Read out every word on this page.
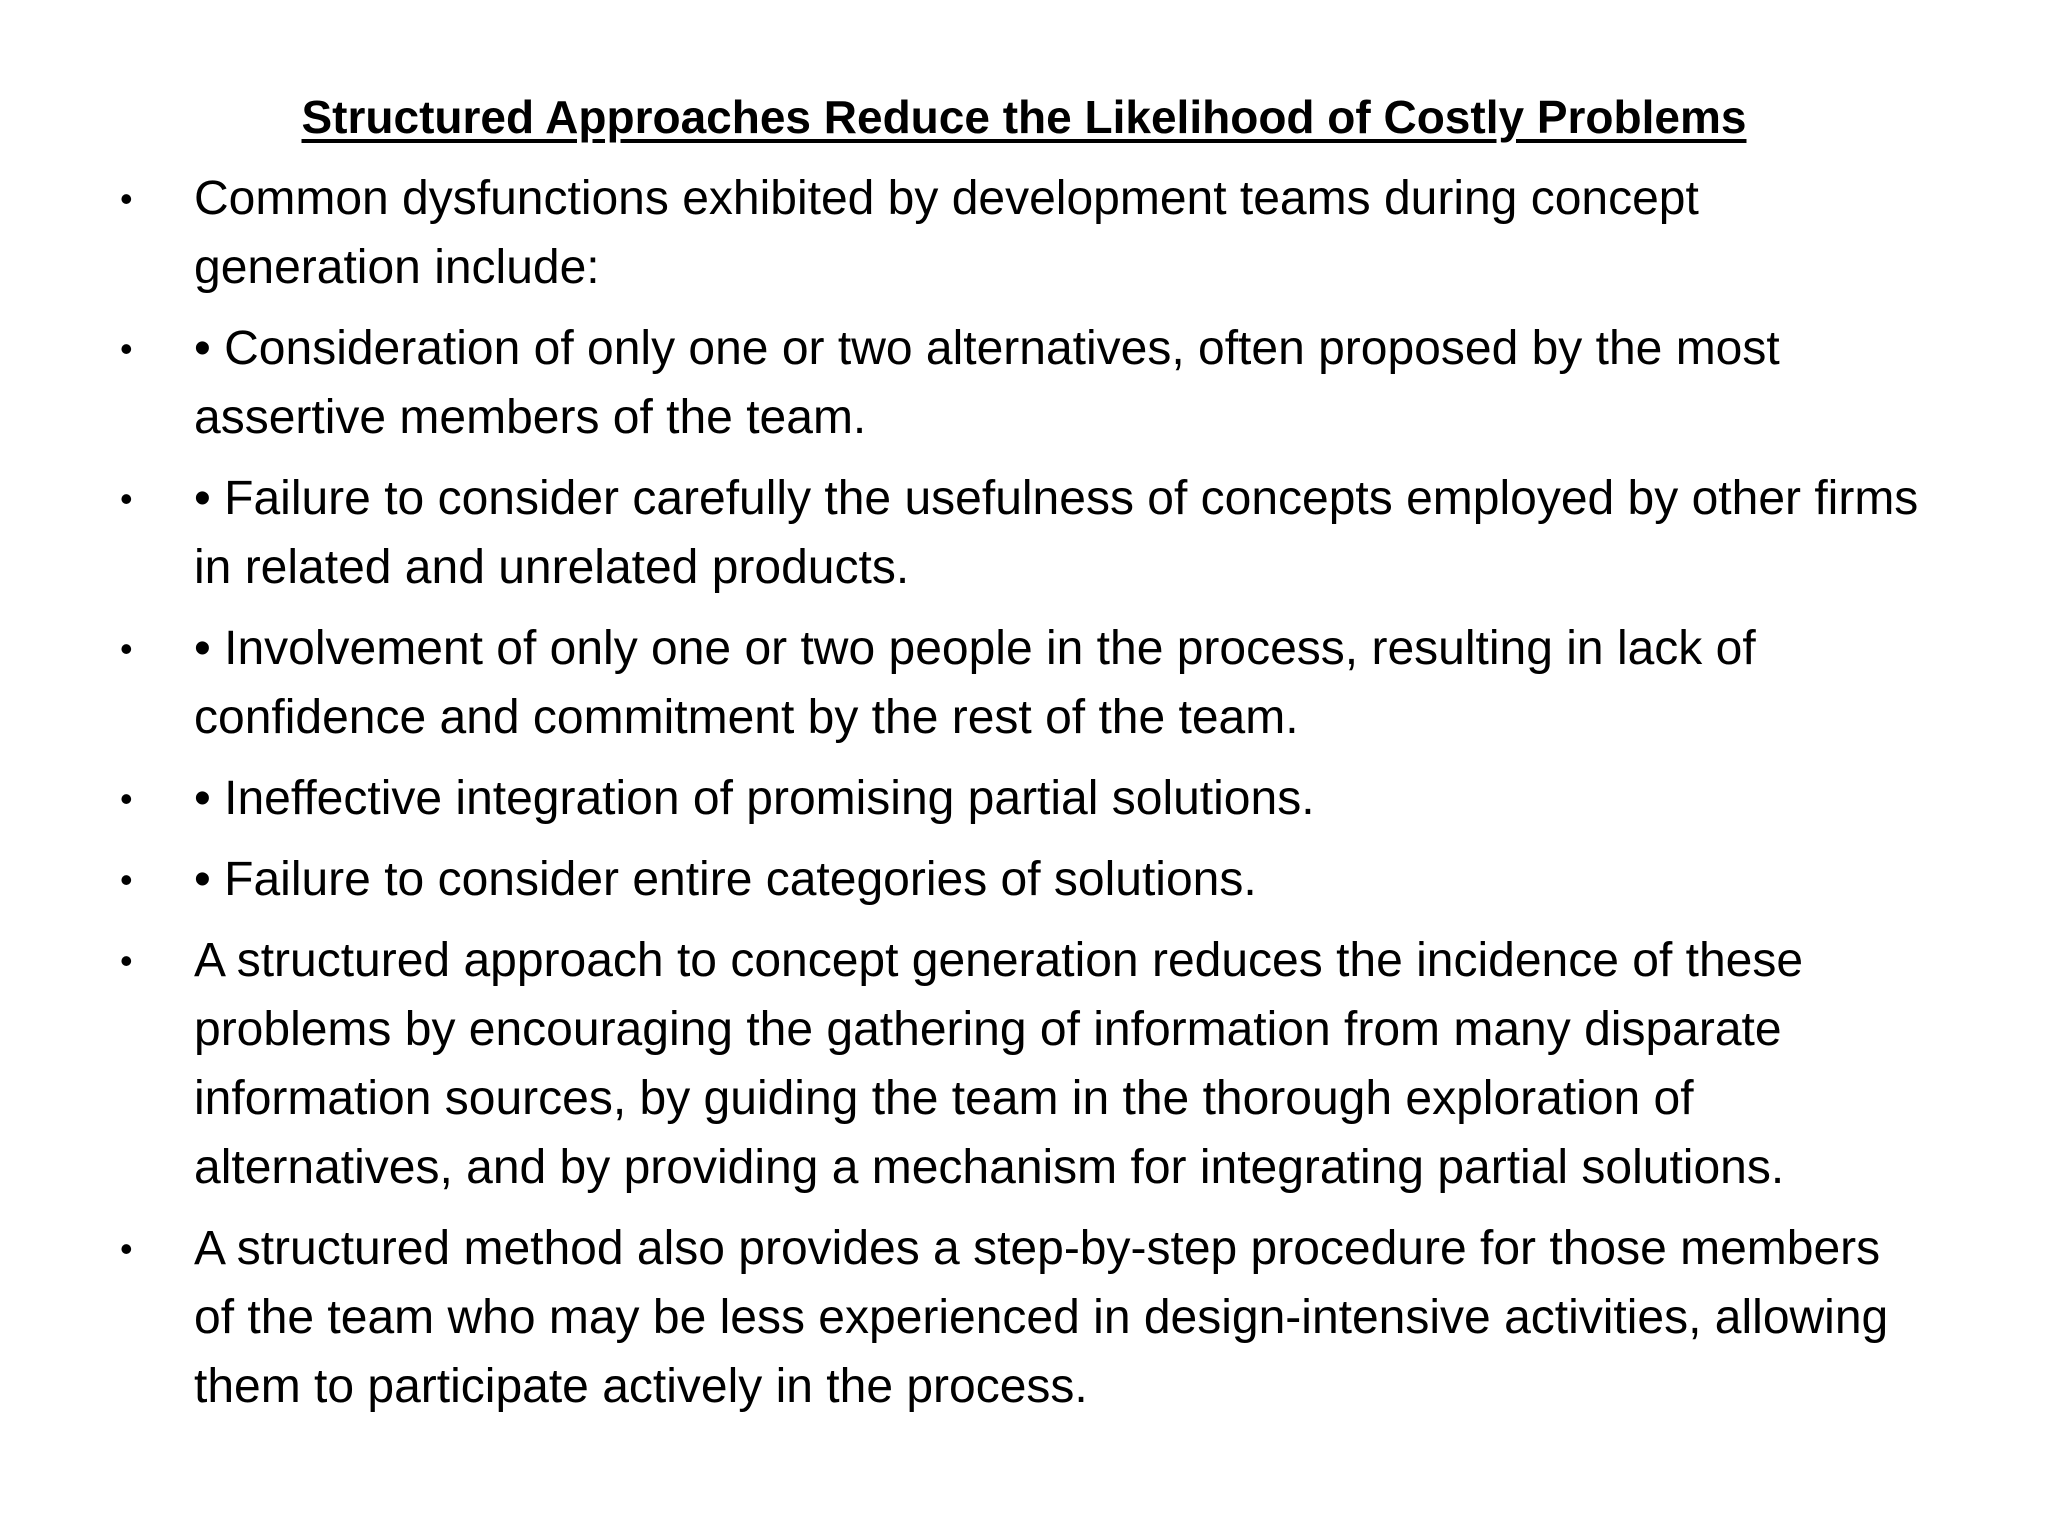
Structured Approaches Reduce the Likelihood of Costly Problems
• Common dysfunctions exhibited by development teams during concept generation include:
• • Consideration of only one or two alternatives, often proposed by the most assertive members of the team.
• • Failure to consider carefully the usefulness of concepts employed by other firms in related and unrelated products.
• • Involvement of only one or two people in the process, resulting in lack of confidence and commitment by the rest of the team.
• • Ineffective integration of promising partial solutions.
• • Failure to consider entire categories of solutions.
• A structured approach to concept generation reduces the incidence of these problems by encouraging the gathering of information from many disparate information sources, by guiding the team in the thorough exploration of alternatives, and by providing a mechanism for integrating partial solutions.
• A structured method also provides a step-by-step procedure for those members of the team who may be less experienced in design-intensive activities, allowing them to participate actively in the process.
